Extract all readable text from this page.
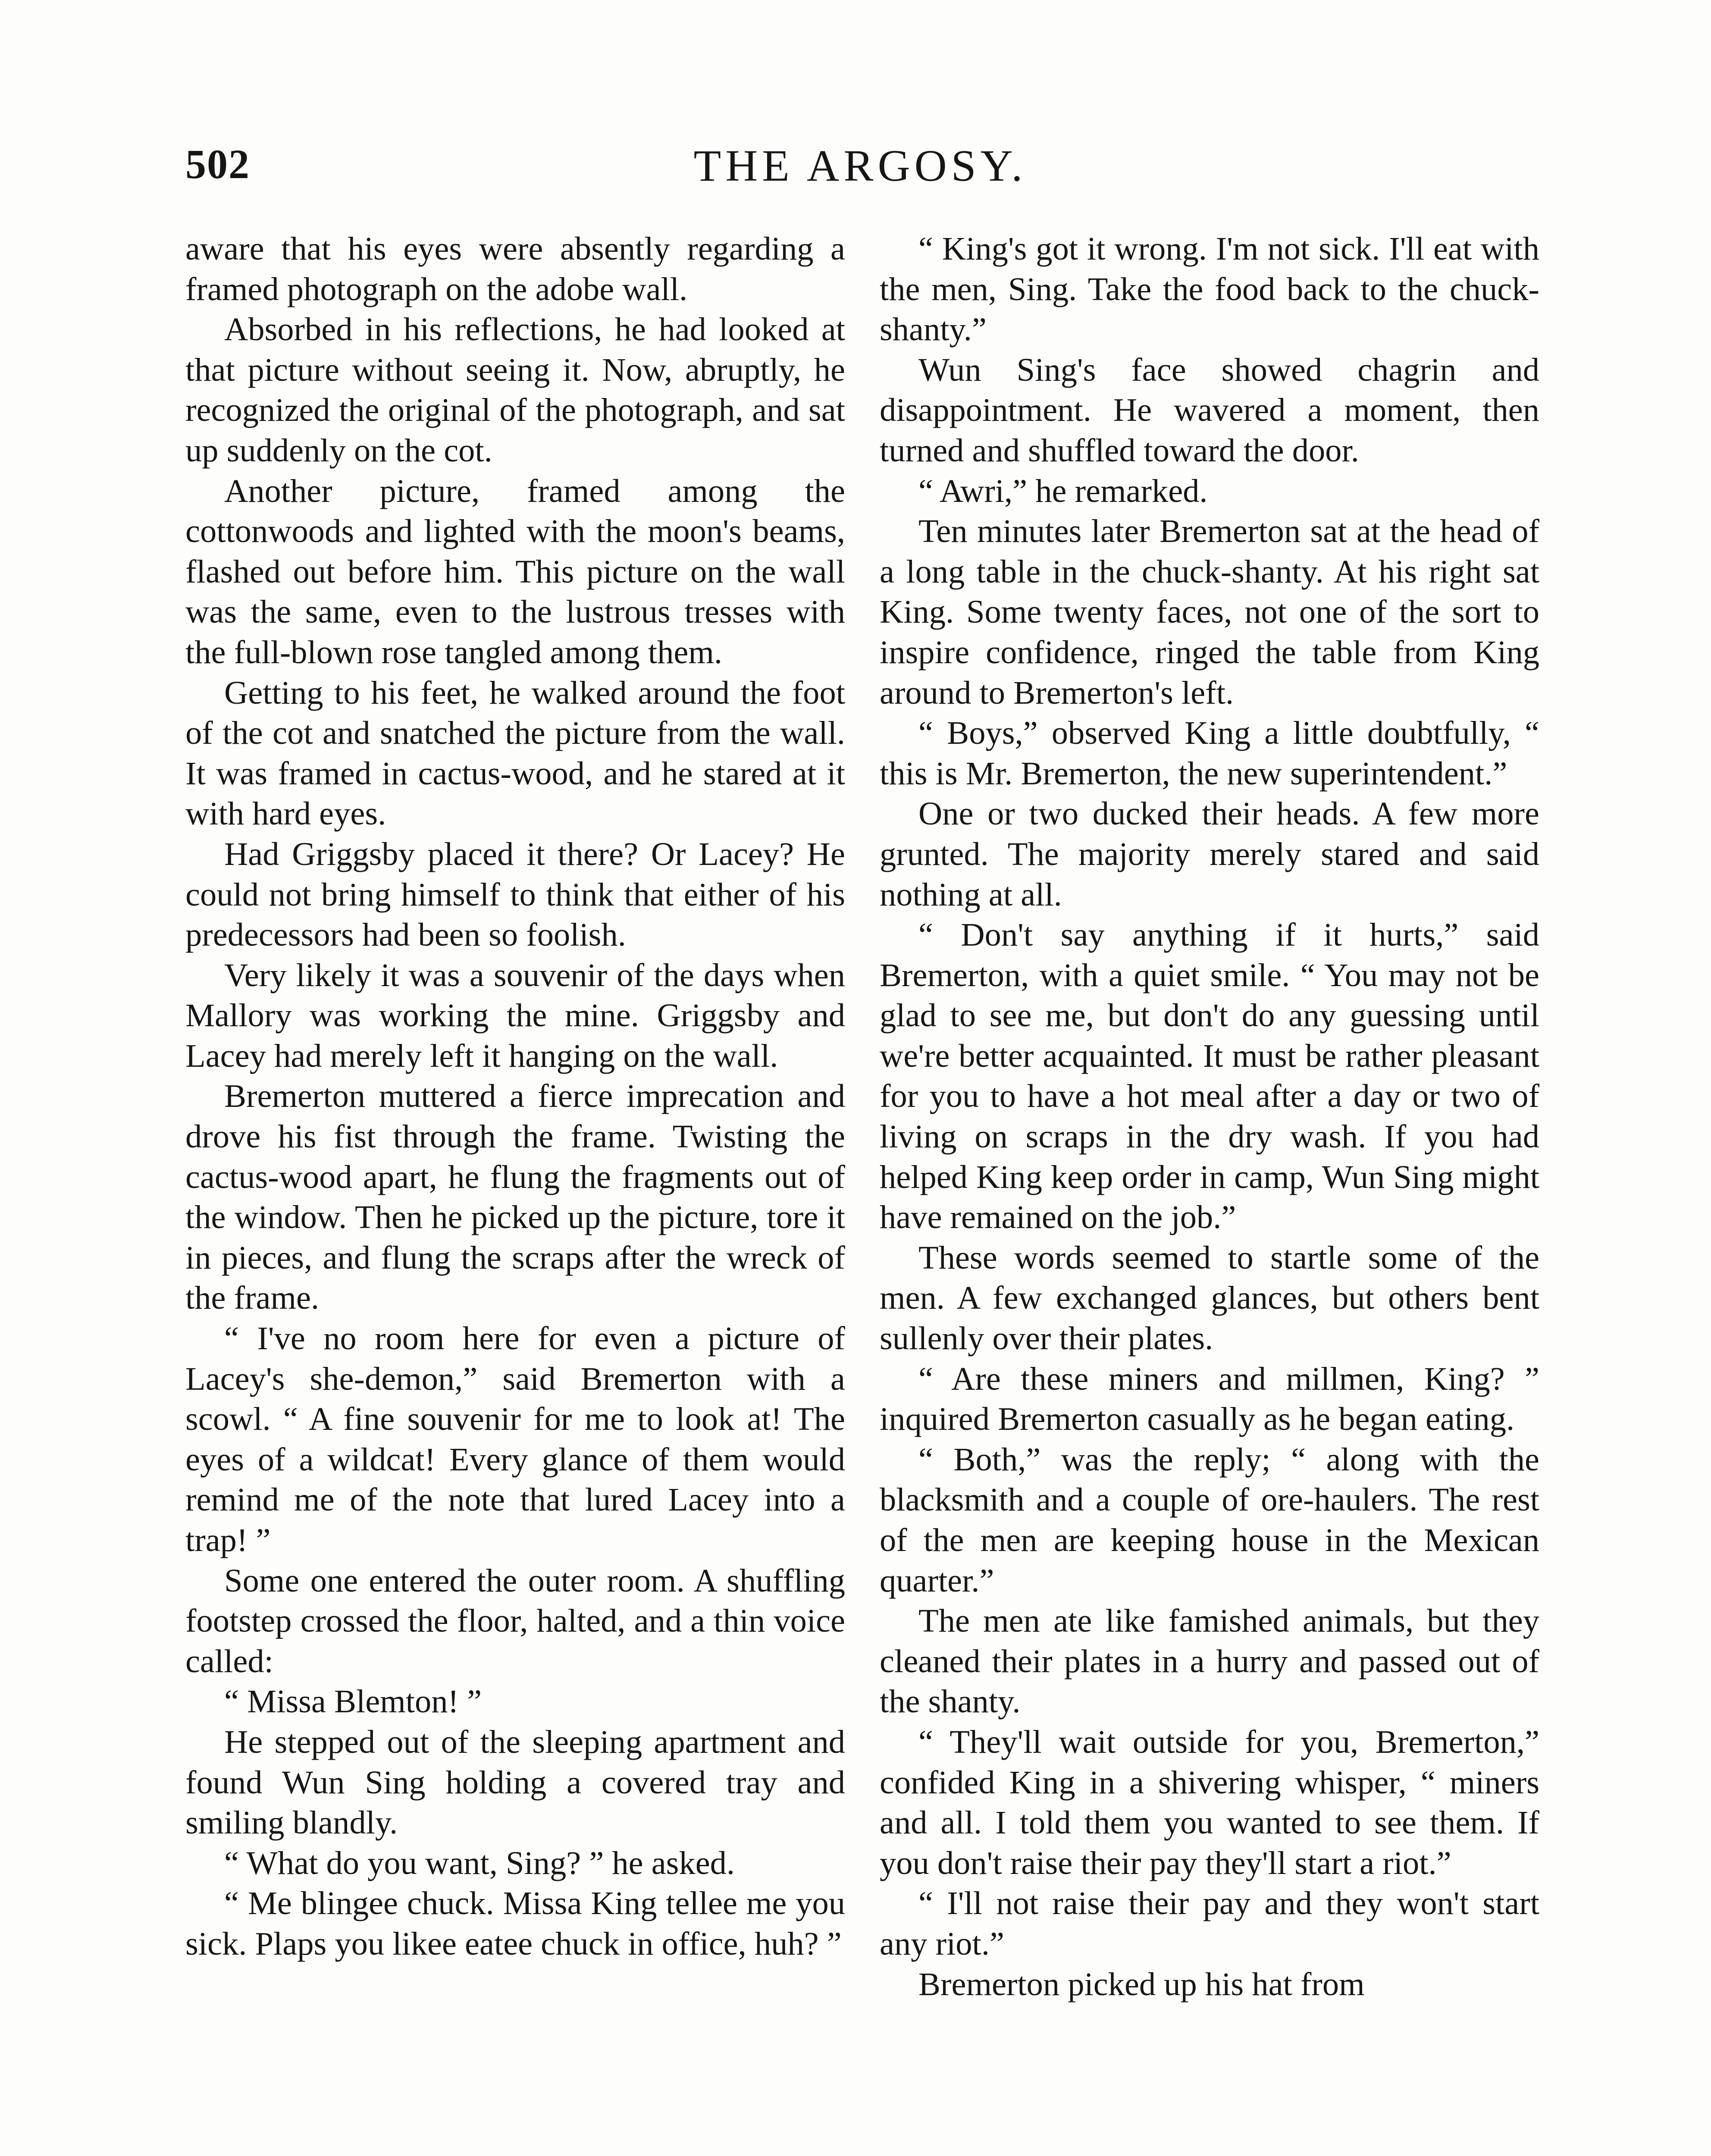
502	THE ARGOSY.

aware that his eyes were absently regarding a framed photograph on the adobe wall.

Absorbed in his reflections, he had looked at that picture without seeing it. Now, abruptly, he recognized the original of the photograph, and sat up suddenly on the cot.

Another picture, framed among the cottonwoods and lighted with the moon's beams, flashed out before him. This picture on the wall was the same, even to the lustrous tresses with the full-blown rose tangled among them.

Getting to his feet, he walked around the foot of the cot and snatched the picture from the wall. It was framed in cactus-wood, and he stared at it with hard eyes.

Had Griggsby placed it there? Or Lacey? He could not bring himself to think that either of his predecessors had been so foolish.

Very likely it was a souvenir of the days when Mallory was working the mine. Griggsby and Lacey had merely left it hanging on the wall.

Bremerton muttered a fierce imprecation and drove his fist through the frame. Twisting the cactus-wood apart, he flung the fragments out of the window. Then he picked up the picture, tore it in pieces, and flung the scraps after the wreck of the frame.

“ I've no room here for even a picture of Lacey's she-demon,” said Bremerton with a scowl. “ A fine souvenir for me to look at! The eyes of a wildcat! Every glance of them would remind me of the note that lured Lacey into a trap! ”

Some one entered the outer room. A shuffling footstep crossed the floor, halted, and a thin voice called:

“ Missa Blemton! ”

He stepped out of the sleeping apartment and found Wun Sing holding a covered tray and smiling blandly.

“ What do you want, Sing? ” he asked.

“ Me blingee chuck. Missa King tellee me you sick. Plaps you likee eatee chuck in office, huh? ”

“ King's got it wrong. I'm not sick. I'll eat with the men, Sing. Take the food back to the chuck-shanty.”

Wun Sing's face showed chagrin and disappointment. He wavered a moment, then turned and shuffled toward the door.

“ Awri,” he remarked.

Ten minutes later Bremerton sat at the head of a long table in the chuck-shanty. At his right sat King. Some twenty faces, not one of the sort to inspire confidence, ringed the table from King around to Bremerton's left.

“ Boys,” observed King a little doubtfully, “ this is Mr. Bremerton, the new superintendent.”

One or two ducked their heads. A few more grunted. The majority merely stared and said nothing at all.

“ Don't say anything if it hurts,” said Bremerton, with a quiet smile. “ You may not be glad to see me, but don't do any guessing until we're better acquainted. It must be rather pleasant for you to have a hot meal after a day or two of living on scraps in the dry wash. If you had helped King keep order in camp, Wun Sing might have remained on the job.”

These words seemed to startle some of the men. A few exchanged glances, but others bent sullenly over their plates.

“ Are these miners and millmen, King? ” inquired Bremerton casually as he began eating.

“ Both,” was the reply; “ along with the blacksmith and a couple of ore-haulers. The rest of the men are keeping house in the Mexican quarter.”

The men ate like famished animals, but they cleaned their plates in a hurry and passed out of the shanty.

“ They'll wait outside for you, Bremerton,” confided King in a shivering whisper, “ miners and all. I told them you wanted to see them. If you don't raise their pay they'll start a riot.”

“ I'll not raise their pay and they won't start any riot.”

Bremerton picked up his hat from
